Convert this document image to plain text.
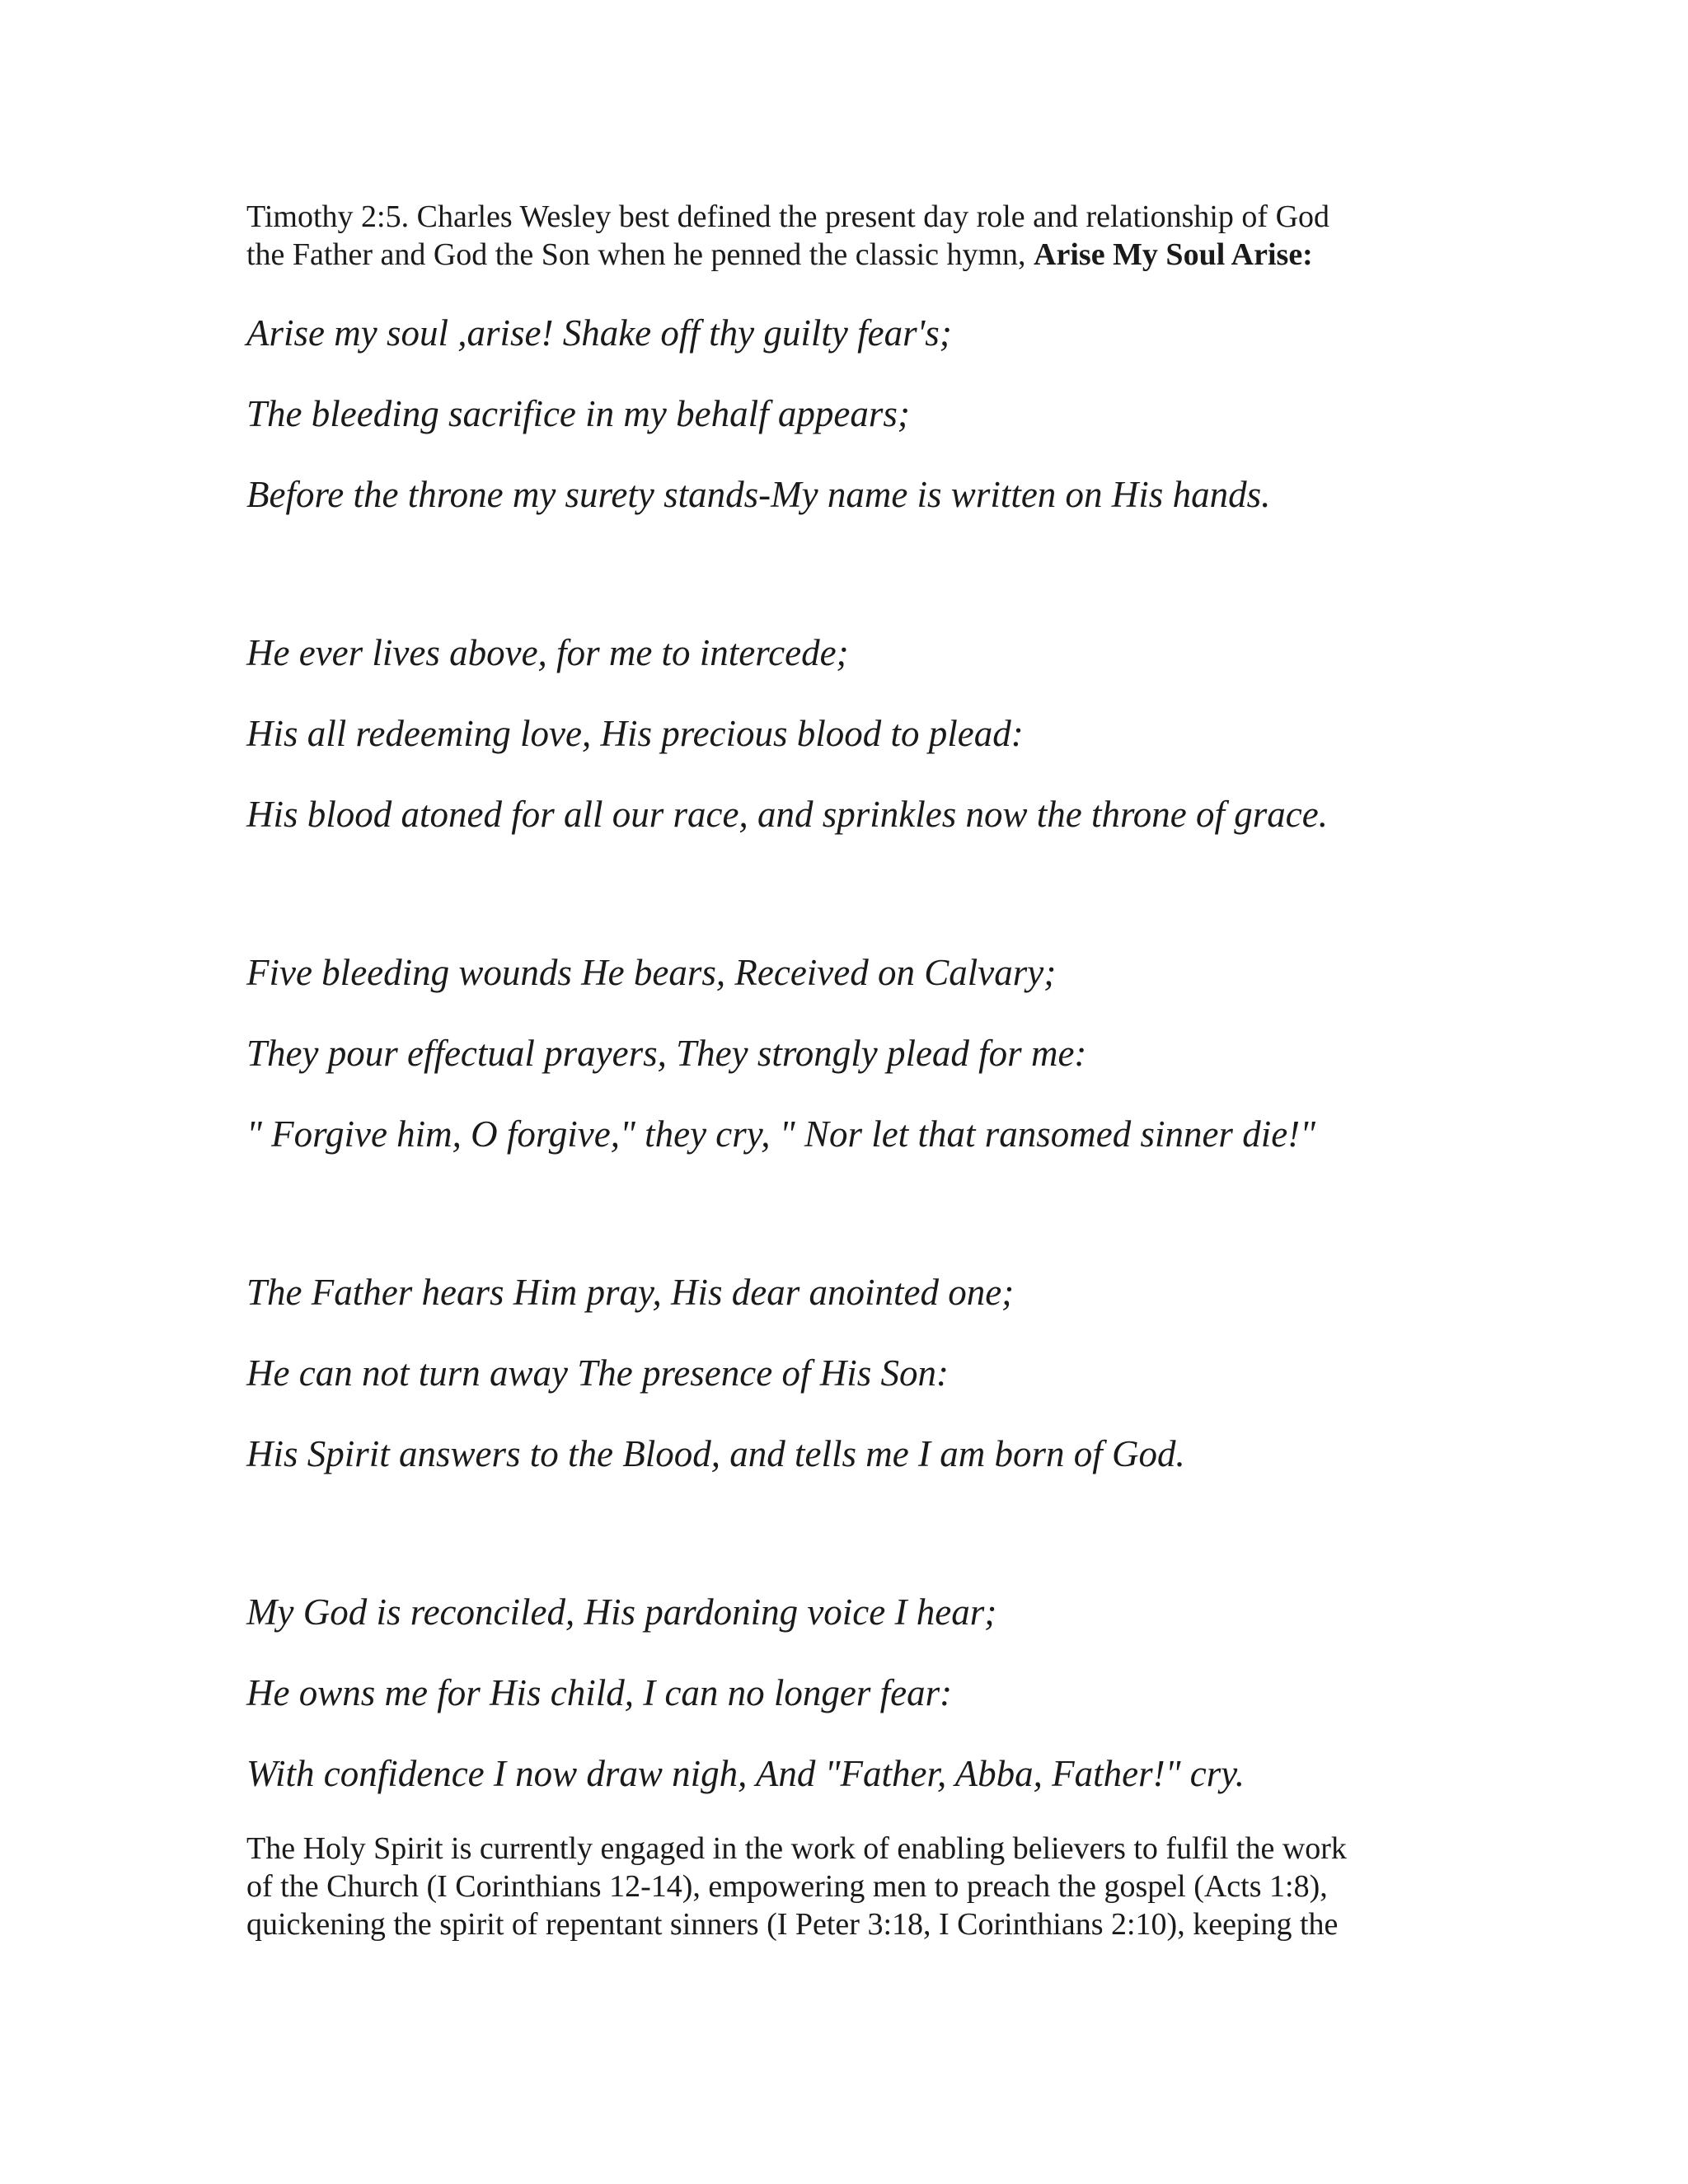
Timothy 2:5. Charles Wesley best defined the present day role and relationship of God
the Father and God the Son when he penned the classic hymn, Arise My Soul Arise:

Arise my soul ,arise! Shake off thy guilty fear's;

The bleeding sacrifice in my behalf appears;

Before the throne my surety stands-My name is written on His hands.

He ever lives above, for me to intercede;

His all redeeming love, His precious blood to plead:

His blood atoned for all our race, and sprinkles now the throne of grace.

Five bleeding wounds He bears, Received on Calvary;

They pour effectual prayers, They strongly plead for me:

" Forgive him, O forgive," they cry, " Nor let that ransomed sinner die!"

The Father hears Him pray, His dear anointed one;

He can not turn away The presence of His Son:

His Spirit answers to the Blood, and tells me I am born of God.

My God is reconciled, His pardoning voice I hear;

He owns me for His child, I can no longer fear:

With confidence I now draw nigh, And "Father, Abba, Father!" cry.

The Holy Spirit is currently engaged in the work of enabling believers to fulfil the work
of the Church (I Corinthians 12-14), empowering men to preach the gospel (Acts 1:8),
quickening the spirit of repentant sinners (I Peter 3:18, I Corinthians 2:10), keeping the
